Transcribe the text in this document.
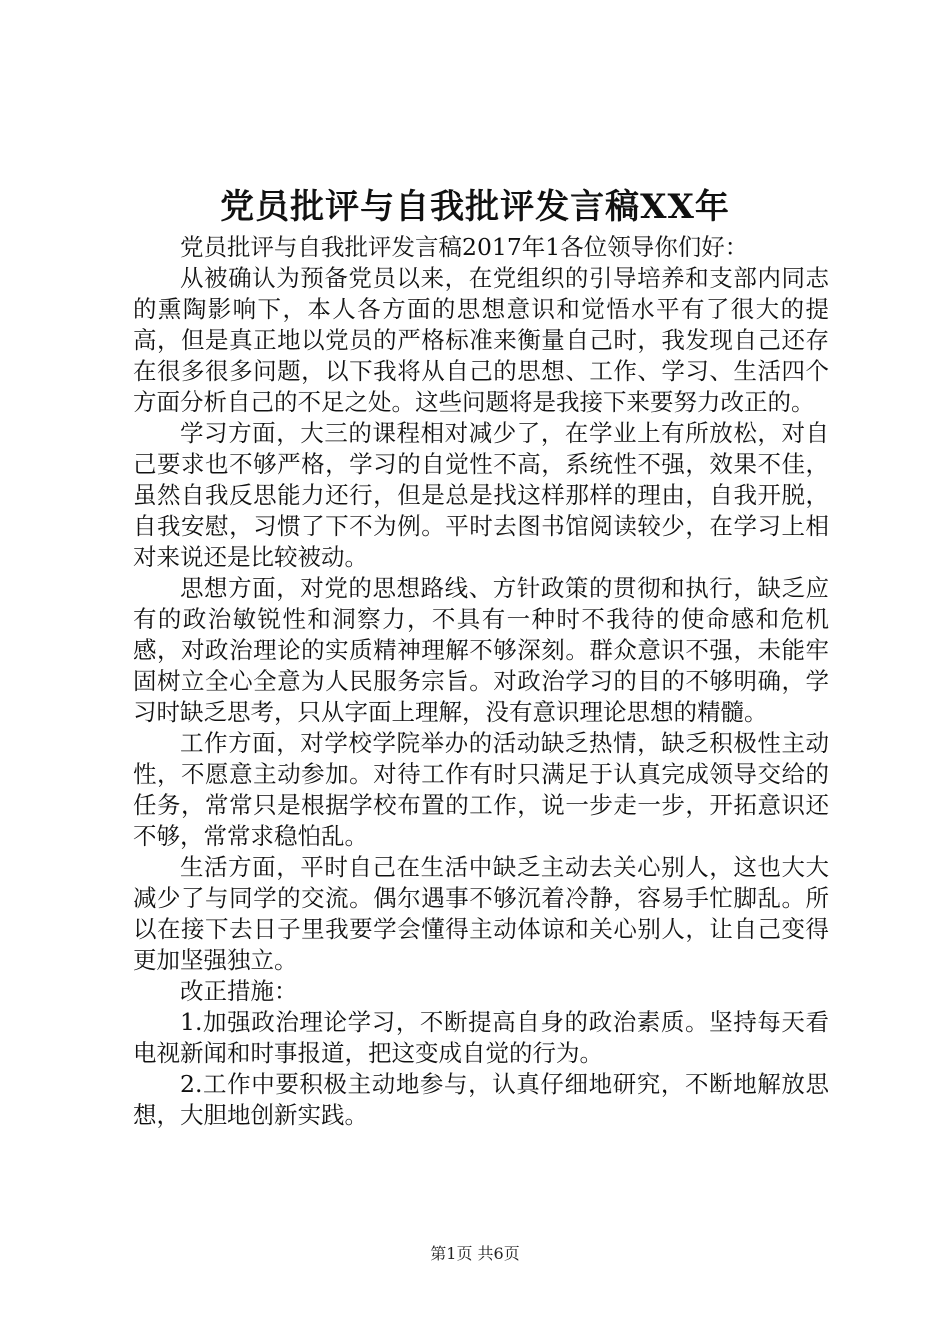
党员批评与自我批评发言稿XX年

党员批评与自我批评发言稿2017年1各位领导你们好：

从被确认为预备党员以来，在党组织的引导培养和支部内同志的熏陶影响下，本人各方面的思想意识和觉悟水平有了很大的提高，但是真正地以党员的严格标准来衡量自己时，我发现自己还存在很多很多问题，以下我将从自己的思想、工作、学习、生活四个方面分析自己的不足之处。这些问题将是我接下来要努力改正的。

学习方面，大三的课程相对减少了，在学业上有所放松，对自己要求也不够严格，学习的自觉性不高，系统性不强，效果不佳，虽然自我反思能力还行，但是总是找这样那样的理由，自我开脱，自我安慰，习惯了下不为例。平时去图书馆阅读较少，在学习上相对来说还是比较被动。

思想方面，对党的思想路线、方针政策的贯彻和执行，缺乏应有的政治敏锐性和洞察力，不具有一种时不我待的使命感和危机感，对政治理论的实质精神理解不够深刻。群众意识不强，未能牢固树立全心全意为人民服务宗旨。对政治学习的目的不够明确，学习时缺乏思考，只从字面上理解，没有意识理论思想的精髓。

工作方面，对学校学院举办的活动缺乏热情，缺乏积极性主动性，不愿意主动参加。对待工作有时只满足于认真完成领导交给的任务，常常只是根据学校布置的工作，说一步走一步，开拓意识还不够，常常求稳怕乱。

生活方面，平时自己在生活中缺乏主动去关心别人，这也大大减少了与同学的交流。偶尔遇事不够沉着冷静，容易手忙脚乱。所以在接下去日子里我要学会懂得主动体谅和关心别人，让自己变得更加坚强独立。

改正措施：

1.加强政治理论学习，不断提高自身的政治素质。坚持每天看电视新闻和时事报道，把这变成自觉的行为。

2.工作中要积极主动地参与，认真仔细地研究，不断地解放思想，大胆地创新实践。

第1页 共6页
